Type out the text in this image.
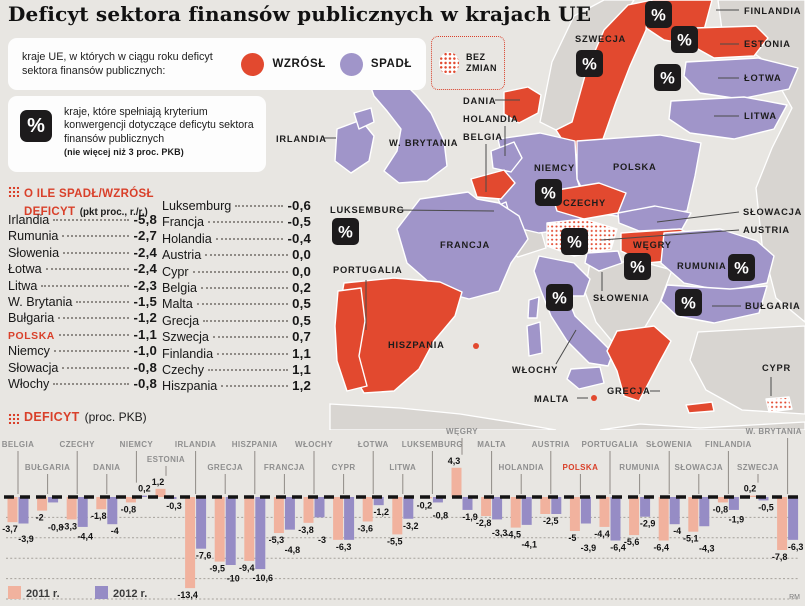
SZWECJA
%
FINLANDIA
%
DANIA
ESTONIA
%
ŁOTWA
%
LITWA
POLSKA
NIEMCY
%
HOLANDIA
BELGIA
LUKSEMBURG
%
FRANCJA
CZECHY
SŁOWACJA
AUSTRIA
%	WĘGRY
%
SŁOWENIA
WŁOCHY
%
RUMUNIA %
BUŁGARIA
%
GRECJA
HISZPANIA
PORTUGALIA
IRLANDIA	W. BRYTANIA
MALTA
CYPR
Deficyt sektora finansów publicznych w krajach UE
kraje UE, w których w ciągu roku deficyt sektora finansów publicznych:
WZRÓSŁ	SPADŁ
BEZ ZMIAN
%
kraje, które spełniają kryterium konwergencji dotyczące deficytu sektora finansów publicznych
(nie więcej niż 3 proc. PKB)
O ILE SPADŁ/WZRÓSŁ
DEFICYT (pkt proc., r./r.)
Irlandia	-5,8
Rumunia	-2,7
Słowenia	-2,4
Łotwa	-2,4
Litwa	-2,3
W. Brytania	-1,5
Bułgaria	-1,2
POLSKA	-1,1
Niemcy	-1,0
Słowacja	-0,8
Włochy	-0,8
Luksemburg	-0,6
Francja	-0,5
Holandia	-0,4
Austria	0,0
Cypr	0,0
Belgia	0,2
Malta	0,5
Grecja	0,5
Szwecja	0,7
Finlandia	1,1
Czechy	1,1
Hiszpania	1,2
DEFICYT (proc. PKB)
BELGIA
BUŁGARIA
CZECHY
DANIA
NIEMCY
ESTONIA
IRLANDIA
GRECJA
HISZPANIA
FRANCJA
WŁOCHY
CYPR
ŁOTWA
LITWA
LUKSEMBURG
WĘGRY
MALTA
HOLANDIA
AUSTRIA
POLSKA
PORTUGALIA
RUMUNIA
SŁOWENIA
SŁOWACJA
FINLANDIA
SZWECJA
W. BRYTANIA
-3,7
-3,9
-2
-0,8
-3,3
-4,4
-1,8
-4
-0,8
0,2
1,2
-0,3
-13,4
-7,6
-9,5
-10
-9,4
-10,6
-5,3
-4,8
-3,8
-3
-6,3
-3,6
-1,2
-5,5
-3,2
-0,2
-0,8
4,3
-1,9
-2,8
-3,3
-4,5
-4,1
-2,5
-5
-3,9
-4,4
-6,4
-5,6
-2,9
-6,4
-4
-5,1
-4,3
-0,8
-1,9
0,2
-0,5
-7,8
-6,3
2011 r.	2012 r.	RM
